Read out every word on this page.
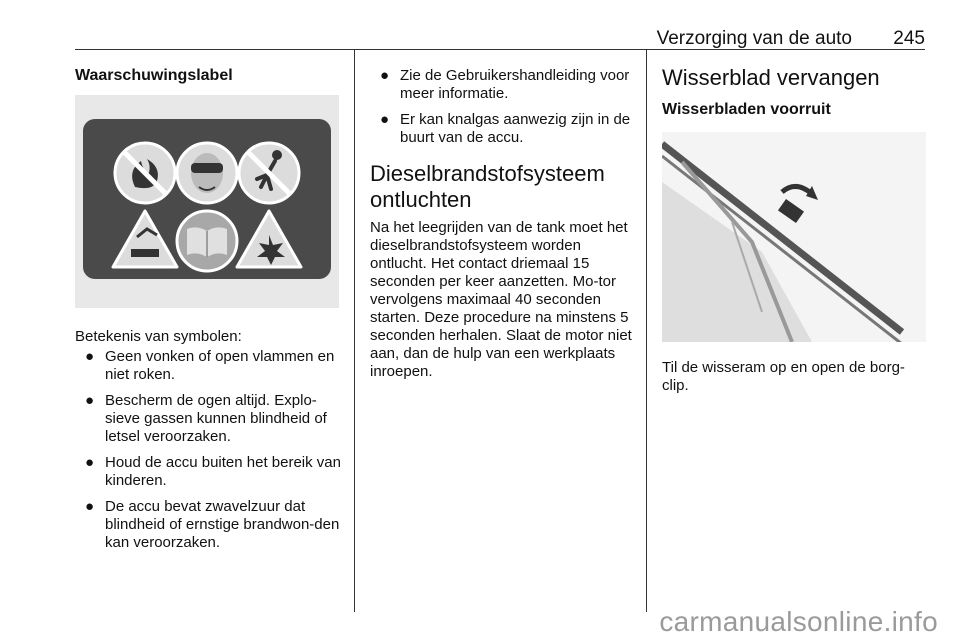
Verzorging van de auto 245
Waarschuwingslabel
Betekenis van symbolen:
● Geen vonken of open vlammen en niet roken.
● Bescherm de ogen altijd. Explo-sieve gassen kunnen blindheid of letsel veroorzaken.
● Houd de accu buiten het bereik van kinderen.
● De accu bevat zwavelzuur dat blindheid of ernstige brandwon-den kan veroorzaken.
● Zie de Gebruikershandleiding voor meer informatie.
● Er kan knalgas aanwezig zijn in de buurt van de accu.
Dieselbrandstofsysteem ontluchten
Na het leegrijden van de tank moet het dieselbrandstofsysteem worden ontlucht. Het contact driemaal 15 seconden per keer aanzetten. Mo-tor vervolgens maximaal 40 seconden starten. Deze procedure na minstens 5 seconden herhalen. Slaat de motor niet aan, dan de hulp van een werkplaats inroepen.
Wisserblad vervangen
Wisserbladen voorruit
Til de wisseram op en open de borg-clip.
carmanualsonline.info
